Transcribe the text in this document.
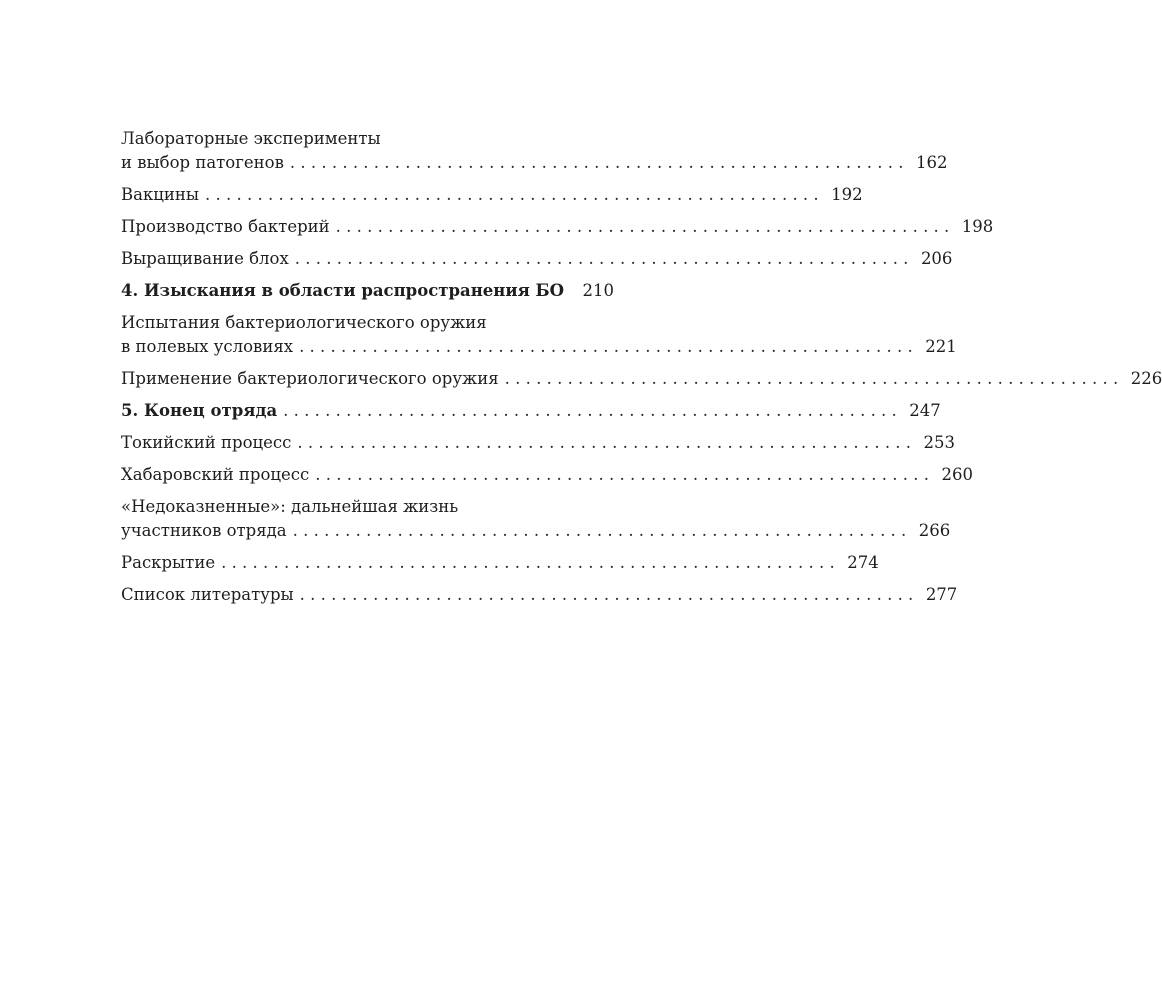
Лабораторные эксперименты
и выбор патогенов . . . . . . . . . . . . . . . . . . . . . . . . . . . . . . . . . . . . . . . . . . . . . . . . . . . . . . . . . . . 162
Вакцины . . . . . . . . . . . . . . . . . . . . . . . . . . . . . . . . . . . . . . . . . . . . . . . . . . . . . . . . . . . 192
Производство бактерий . . . . . . . . . . . . . . . . . . . . . . . . . . . . . . . . . . . . . . . . . . . . . . . . . . . . . . . . . . . 198
Выращивание блох . . . . . . . . . . . . . . . . . . . . . . . . . . . . . . . . . . . . . . . . . . . . . . . . . . . . . . . . . . . 206
4. Изыскания в области распространения БО	210
Испытания бактериологического оружия
в полевых условиях . . . . . . . . . . . . . . . . . . . . . . . . . . . . . . . . . . . . . . . . . . . . . . . . . . . . . . . . . . . 221
Применение бактериологического оружия . . . . . . . . . . . . . . . . . . . . . . . . . . . . . . . . . . . . . . . . . . . . . . . . . . . . . . . . . . . 226
5. Конец отряда . . . . . . . . . . . . . . . . . . . . . . . . . . . . . . . . . . . . . . . . . . . . . . . . . . . . . . . . . . . 247
Токийский процесс . . . . . . . . . . . . . . . . . . . . . . . . . . . . . . . . . . . . . . . . . . . . . . . . . . . . . . . . . . . 253
Хабаровский процесс . . . . . . . . . . . . . . . . . . . . . . . . . . . . . . . . . . . . . . . . . . . . . . . . . . . . . . . . . . . 260
«Недоказненные»: дальнейшая жизнь
участников отряда . . . . . . . . . . . . . . . . . . . . . . . . . . . . . . . . . . . . . . . . . . . . . . . . . . . . . . . . . . . 266
Раскрытие . . . . . . . . . . . . . . . . . . . . . . . . . . . . . . . . . . . . . . . . . . . . . . . . . . . . . . . . . . . 274
Список литературы . . . . . . . . . . . . . . . . . . . . . . . . . . . . . . . . . . . . . . . . . . . . . . . . . . . . . . . . . . . 277
